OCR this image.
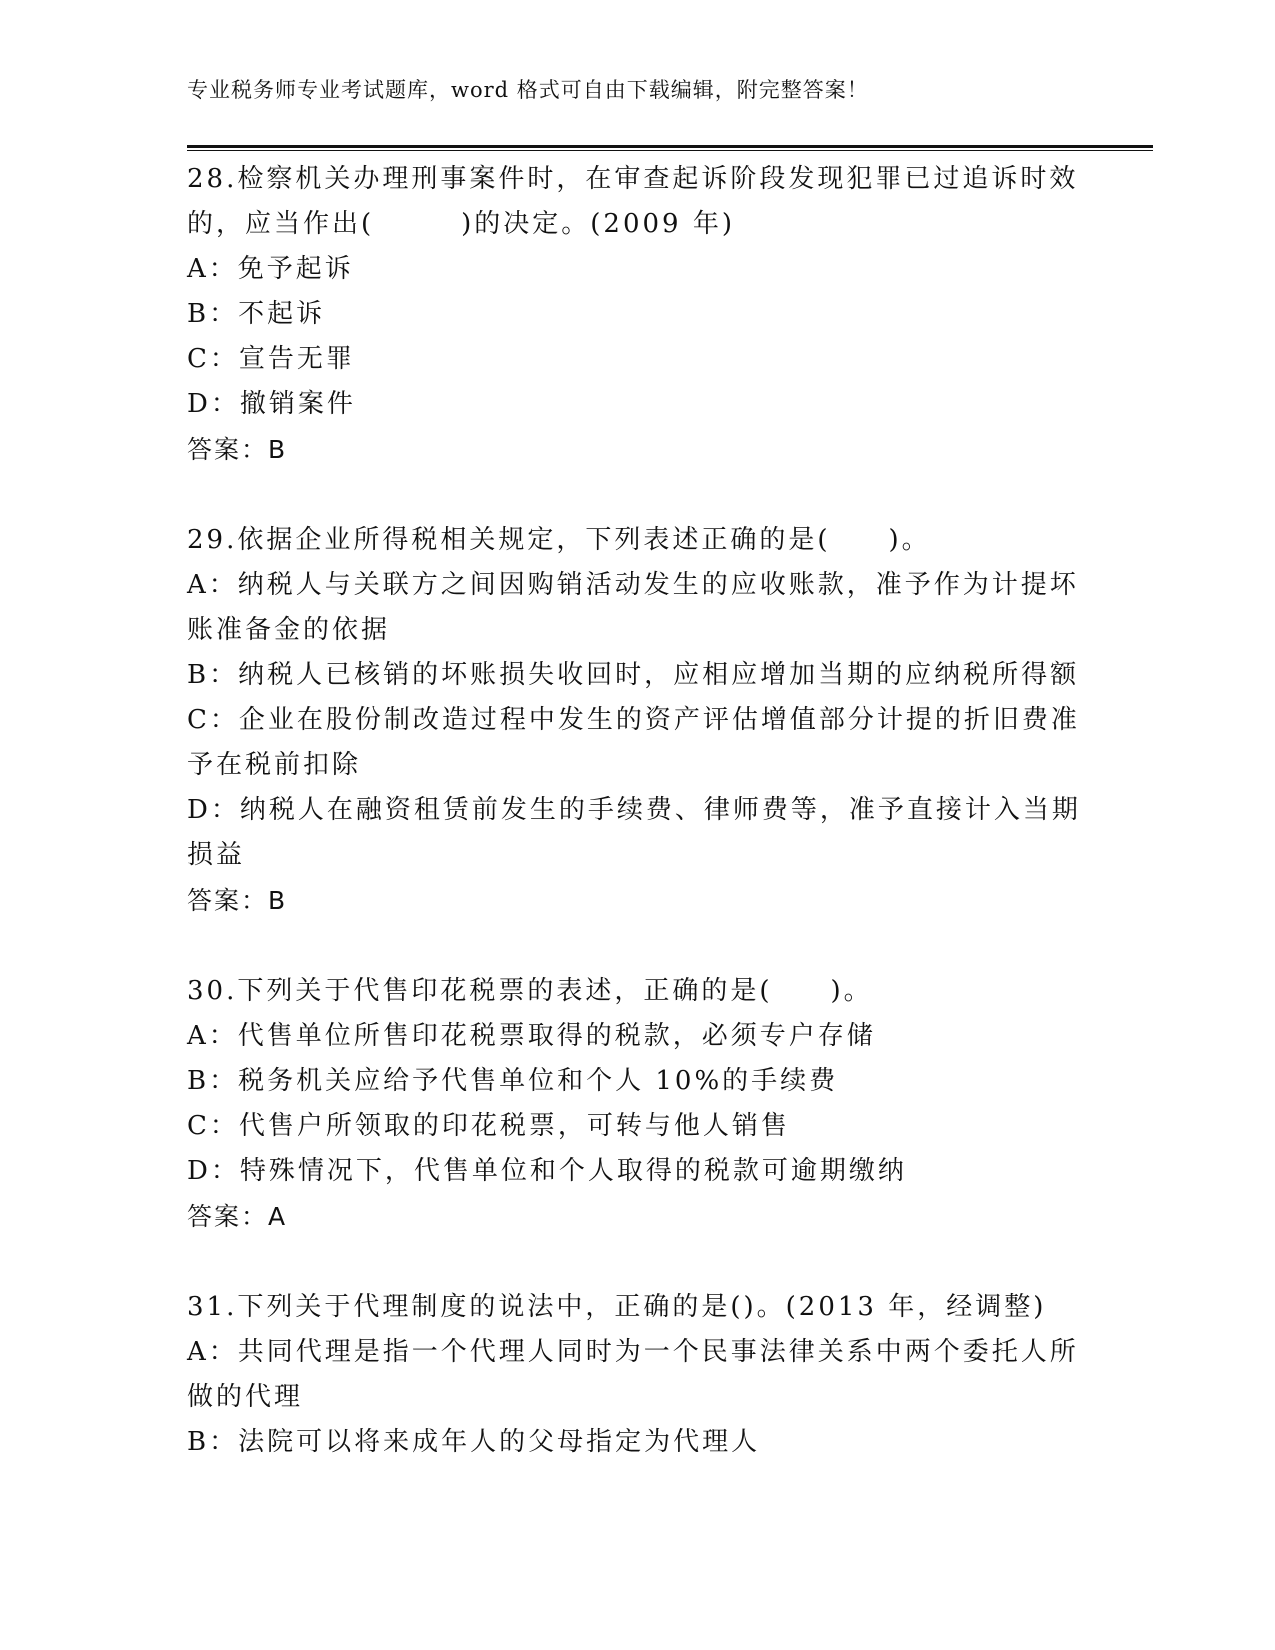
专业税务师专业考试题库，word 格式可自由下载编辑，附完整答案！
28.检察机关办理刑事案件时，在审查起诉阶段发现犯罪已过追诉时效
的，应当作出(　　　)的决定。(2009 年)
A：免予起诉
B：不起诉
C：宣告无罪
D：撤销案件
答案：B
29.依据企业所得税相关规定，下列表述正确的是(　　)。
A：纳税人与关联方之间因购销活动发生的应收账款，准予作为计提坏
账准备金的依据
B：纳税人已核销的坏账损失收回时，应相应增加当期的应纳税所得额
C：企业在股份制改造过程中发生的资产评估增值部分计提的折旧费准
予在税前扣除
D：纳税人在融资租赁前发生的手续费、律师费等，准予直接计入当期
损益
答案：B
30.下列关于代售印花税票的表述，正确的是(　　)。
A：代售单位所售印花税票取得的税款，必须专户存储
B：税务机关应给予代售单位和个人 10%的手续费
C：代售户所领取的印花税票，可转与他人销售
D：特殊情况下，代售单位和个人取得的税款可逾期缴纳
答案：A
31.下列关于代理制度的说法中，正确的是()。(2013 年，经调整)
A：共同代理是指一个代理人同时为一个民事法律关系中两个委托人所
做的代理
B：法院可以将来成年人的父母指定为代理人
